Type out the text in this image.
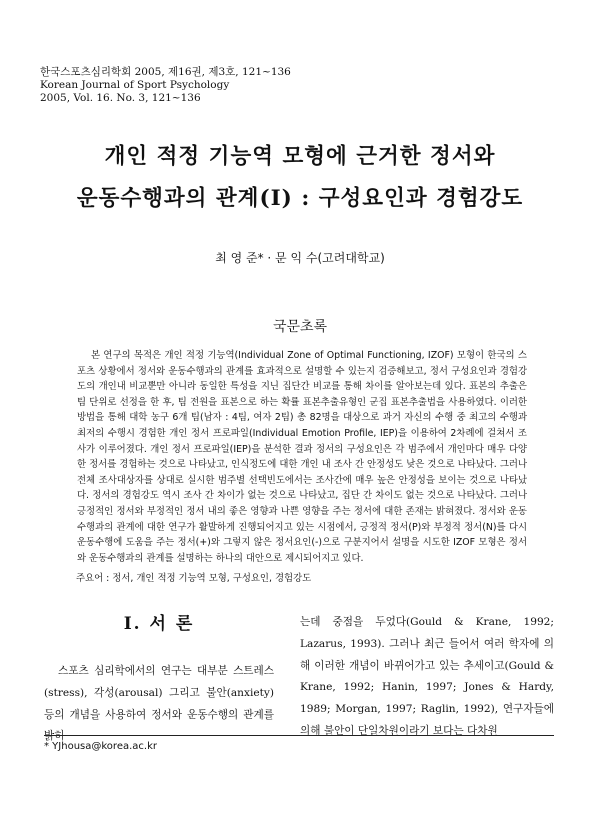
한국스포츠심리학회 2005, 제16권, 제3호, 121~136
Korean Journal of Sport Psychology
2005, Vol. 16. No. 3, 121~136
개인 적정 기능역 모형에 근거한 정서와
운동수행과의 관계(I) : 구성요인과 경험강도
최 영 준* · 문 익 수(고려대학교)
국문초록
본 연구의 목적은 개인 적정 기능역(Individual Zone of Optimal Functioning, IZOF) 모형이 한국의 스포츠 상황에서 정서와 운동수행과의 관계를 효과적으로 설명할 수 있는지 검증해보고, 정서 구성요인과 경험강도의 개인내 비교뿐만 아니라 동일한 특성을 지닌 집단간 비교를 통해 차이를 알아보는데 있다. 표본의 추출은 팀 단위로 선정을 한 후, 팀 전원을 표본으로 하는 확률 표본추출유형인 군집 표본추출법을 사용하였다. 이러한 방법을 통해 대학 농구 6개 팀(남자 : 4팀, 여자 2팀) 총 82명을 대상으로 과거 자신의 수행 중 최고의 수행과 최저의 수행시 경험한 개인 정서 프로파일(Individual Emotion Profile, IEP)을 이용하여 2차례에 걸쳐서 조사가 이루어졌다. 개인 정서 프로파일(IEP)을 분석한 결과 정서의 구성요인은 각 범주에서 개인마다 매우 다양한 정서를 경험하는 것으로 나타났고, 인식정도에 대한 개인 내 조사 간 안정성도 낮은 것으로 나타났다. 그러나 전체 조사대상자를 상대로 실시한 범주별 선택빈도에서는 조사간에 매우 높은 안정성을 보이는 것으로 나타났다. 정서의 경험강도 역시 조사 간 차이가 없는 것으로 나타났고, 집단 간 차이도 없는 것으로 나타났다. 그러나 긍정적인 정서와 부정적인 정서 내의 좋은 영향과 나쁜 영향을 주는 정서에 대한 존재는 밝혀졌다. 정서와 운동수행과의 관계에 대한 연구가 활발하게 진행되어지고 있는 시점에서, 긍정적 정서(P)와 부정적 정서(N)를 다시 운동수행에 도움을 주는 정서(+)와 그렇지 않은 정서요인(-)으로 구분지어서 설명을 시도한 IZOF 모형은 정서와 운동수행과의 관계를 설명하는 하나의 대안으로 제시되어지고 있다.
주요어 : 정서, 개인 적정 기능역 모형, 구성요인, 경험강도
I. 서 론
스포츠 심리학에서의 연구는 대부분 스트레스(stress), 각성(arousal) 그리고 불안(anxiety) 등의 개념을 사용하여 정서와 운동수행의 관계를 밝히
는데 중점을 두었다(Gould & Krane, 1992; Lazarus, 1993). 그러나 최근 들어서 여러 학자에 의해 이러한 개념이 바뀌어가고 있는 추세이고(Gould & Krane, 1992; Hanin, 1997; Jones & Hardy, 1989; Morgan, 1997; Raglin, 1992), 연구자들에 의해 불안이 단일차원이라기 보다는 다차원
* YJhousa@korea.ac.kr
